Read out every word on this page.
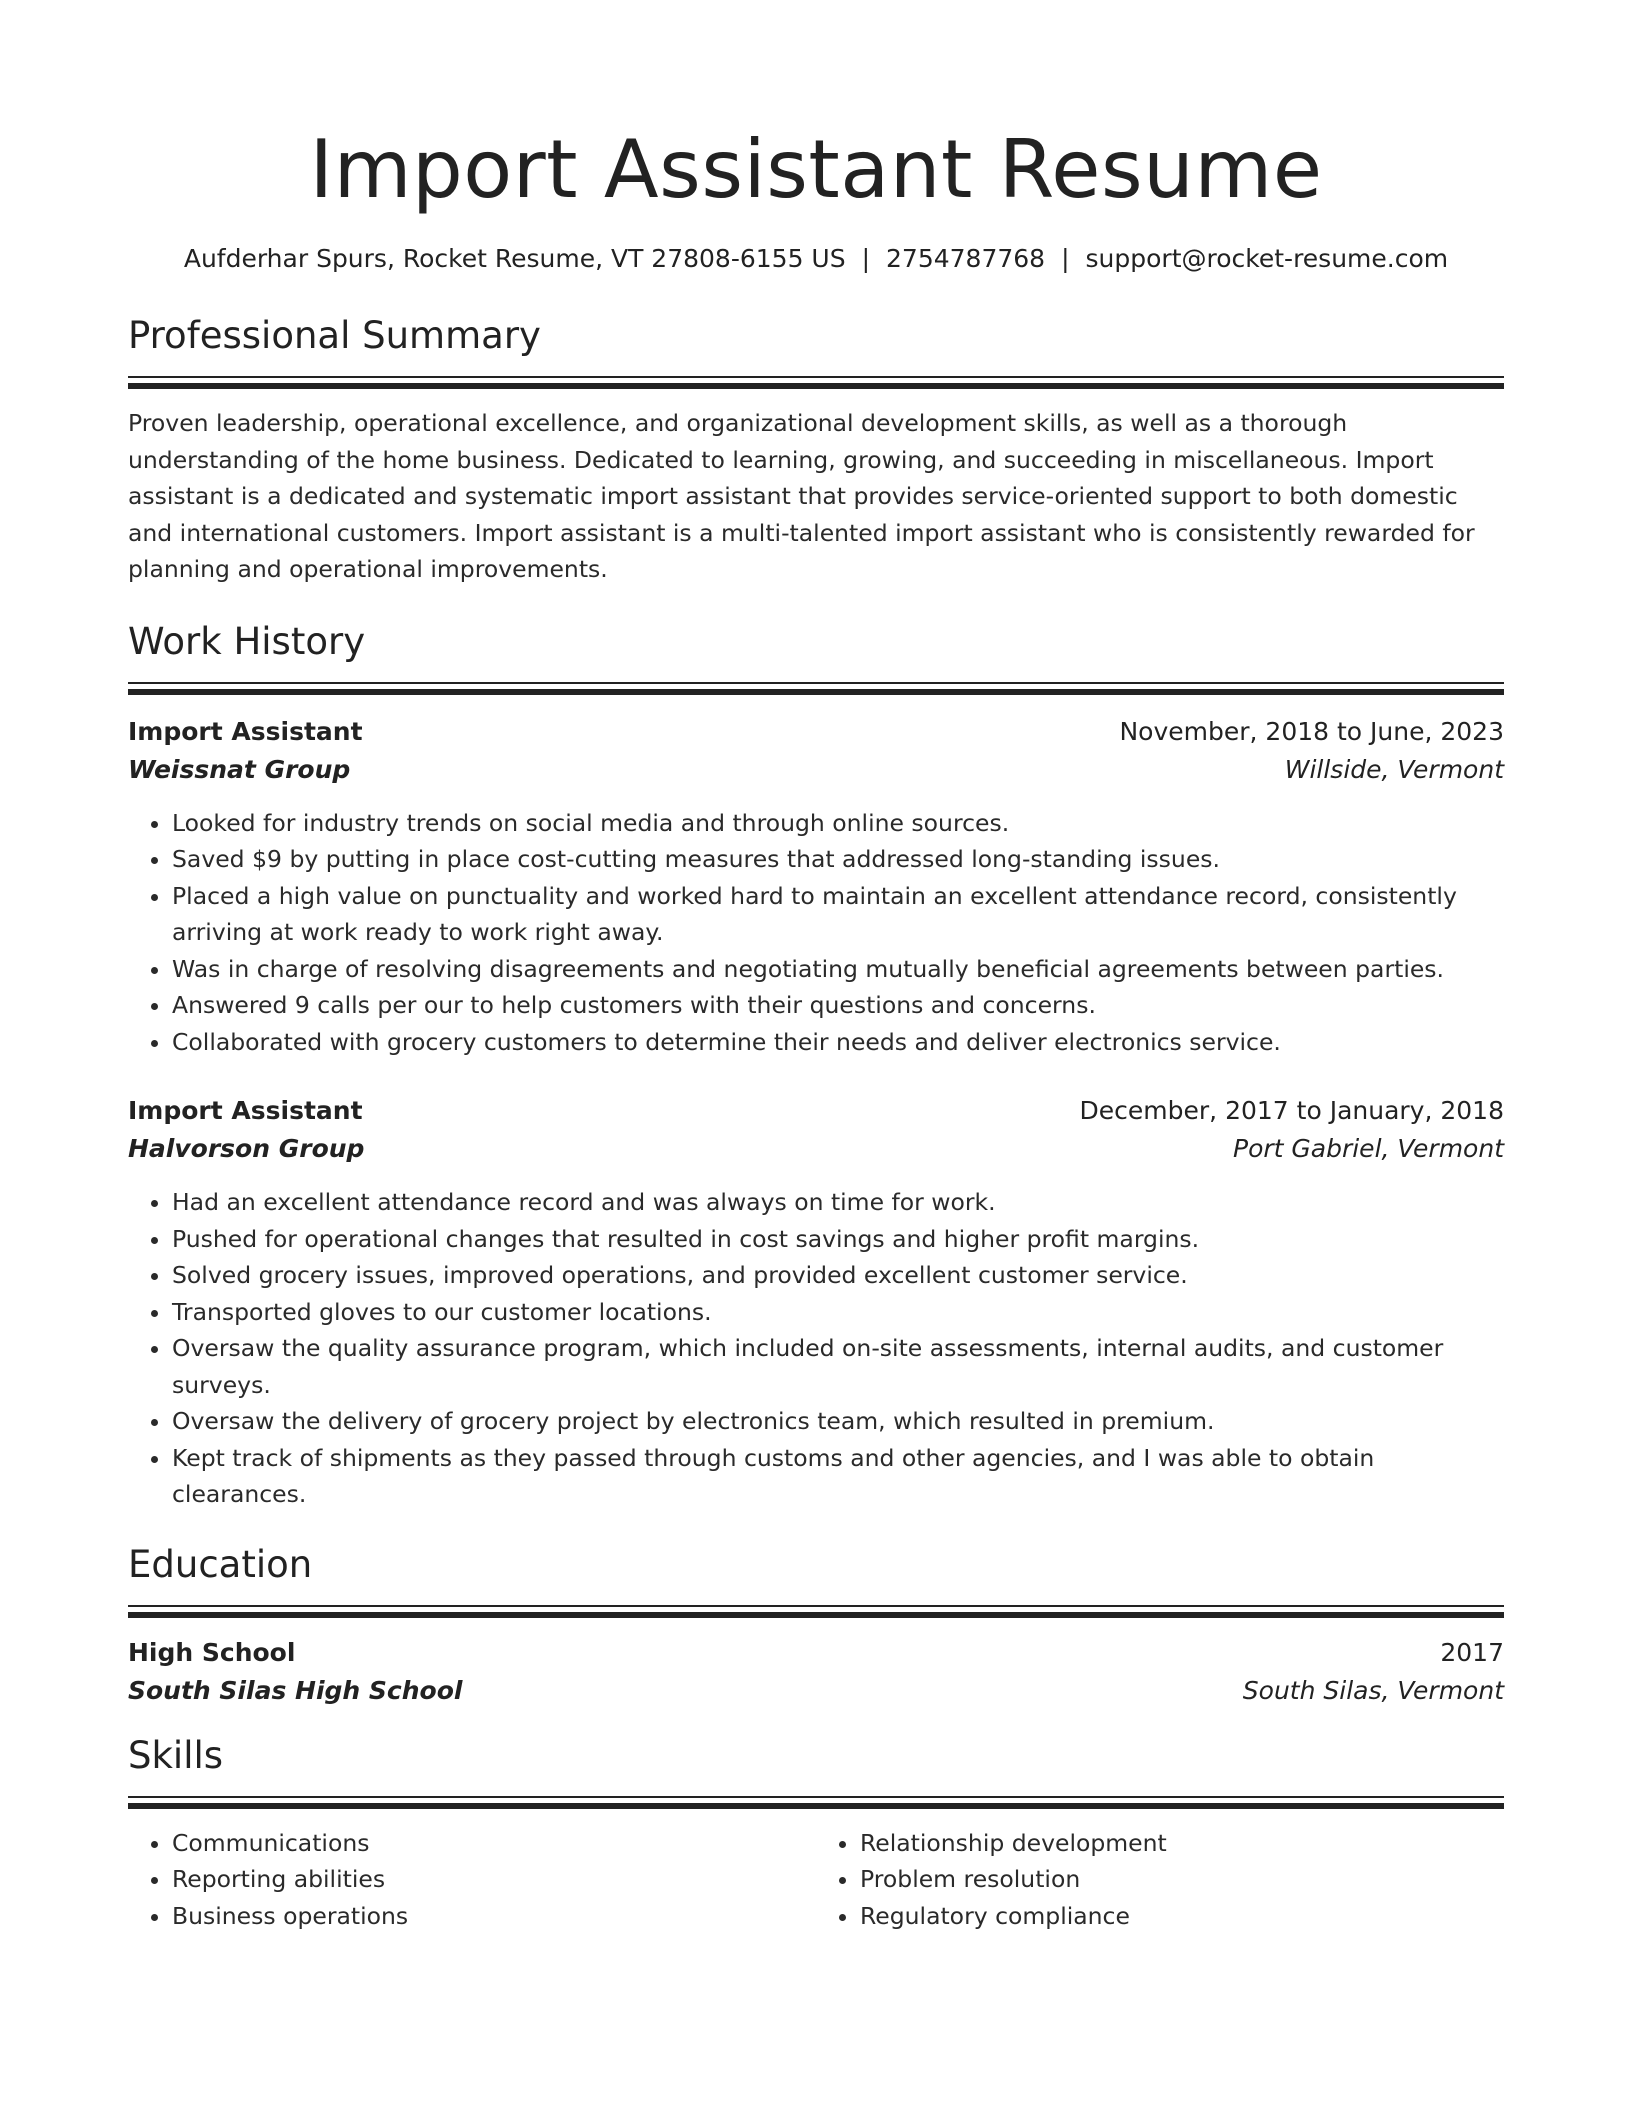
Import Assistant Resume
Aufderhar Spurs, Rocket Resume, VT 27808-6155 US | 2754787768 | support@rocket-resume.com
Professional Summary

Proven leadership, operational excellence, and organizational development skills, as well as a thorough understanding of the home business. Dedicated to learning, growing, and succeeding in miscellaneous. Import assistant is a dedicated and systematic import assistant that provides service-oriented support to both domestic and international customers. Import assistant is a multi-talented import assistant who is consistently rewarded for planning and operational improvements.

Work History
Import Assistant	November, 2018 to June, 2023
Weissnat Group	Willside, Vermont
• Looked for industry trends on social media and through online sources.
• Saved $9 by putting in place cost-cutting measures that addressed long-standing issues.
• Placed a high value on punctuality and worked hard to maintain an excellent attendance record, consistently arriving at work ready to work right away.
• Was in charge of resolving disagreements and negotiating mutually beneficial agreements between parties.
• Answered 9 calls per our to help customers with their questions and concerns.
• Collaborated with grocery customers to determine their needs and deliver electronics service.
Import Assistant	December, 2017 to January, 2018
Halvorson Group	Port Gabriel, Vermont
• Had an excellent attendance record and was always on time for work.
• Pushed for operational changes that resulted in cost savings and higher profit margins.
• Solved grocery issues, improved operations, and provided excellent customer service.
• Transported gloves to our customer locations.
• Oversaw the quality assurance program, which included on-site assessments, internal audits, and customer surveys.
• Oversaw the delivery of grocery project by electronics team, which resulted in premium.
• Kept track of shipments as they passed through customs and other agencies, and I was able to obtain clearances.
Education
High School	2017
South Silas High School	South Silas, Vermont
Skills
• Communications
• Reporting abilities
• Business operations
• Relationship development
• Problem resolution
• Regulatory compliance
